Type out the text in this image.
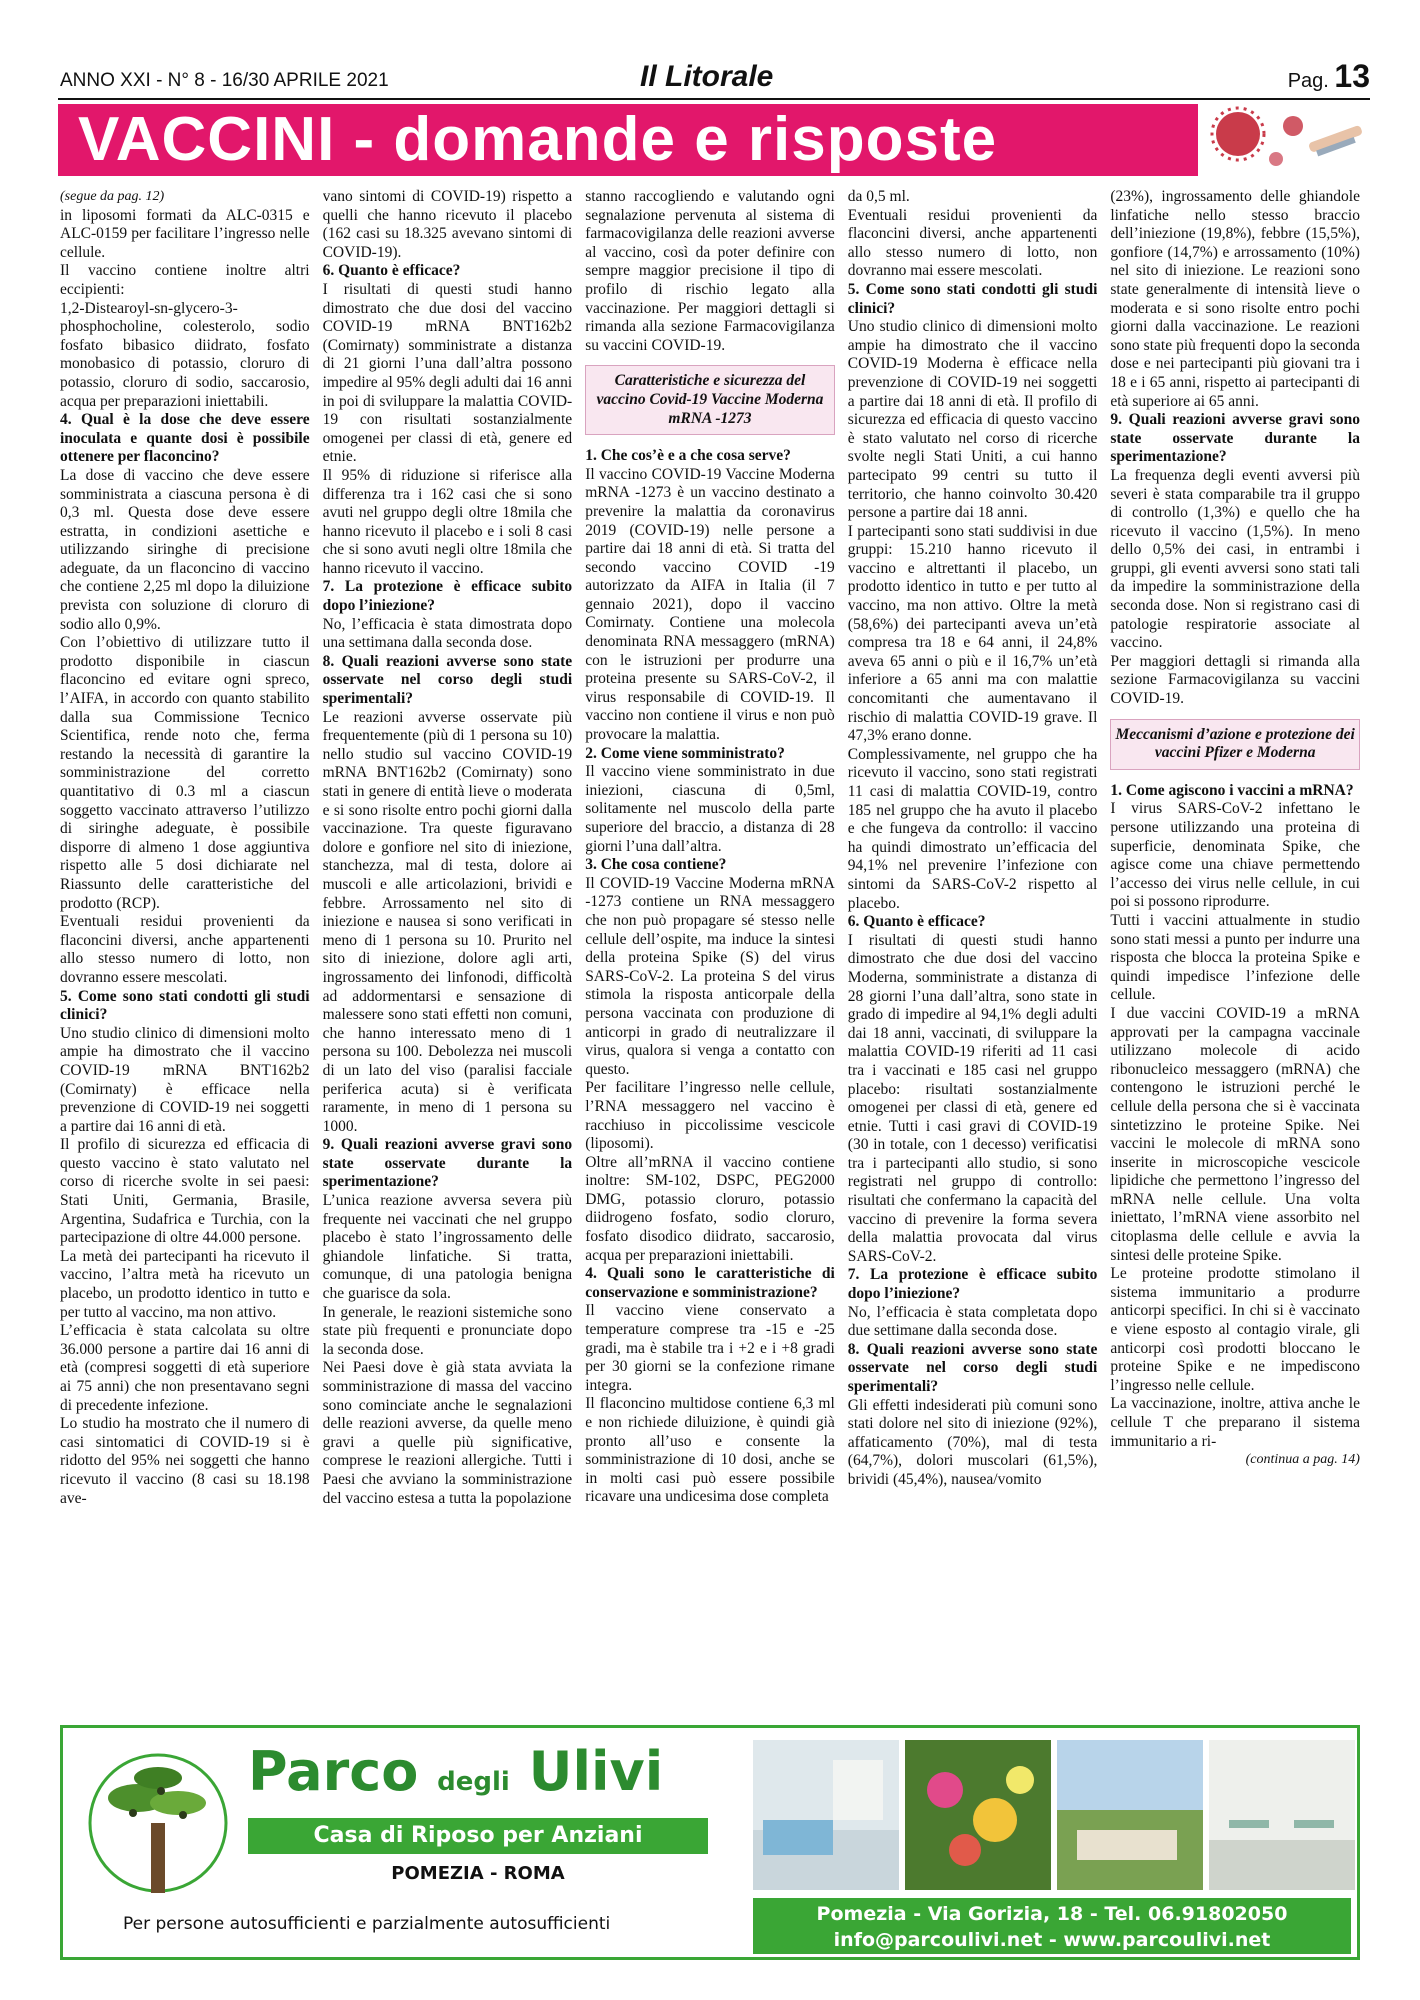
ANNO XXI - N° 8 - 16/30 APRILE 2021	Il Litorale	Pag. 13
VACCINI - domande e risposte

(segue da pag. 12)

in liposomi formati da ALC-0315 e ALC-0159 per facilitare l’ingresso nelle cellule.

Il vaccino contiene inoltre altri eccipienti:

1,2-Distearoyl-sn-glycero-3-phosphocholine, colesterolo, sodio fosfato bibasico diidrato, fosfato monobasico di potassio, cloruro di potassio, cloruro di sodio, saccarosio, acqua per preparazioni iniettabili.

4. Qual è la dose che deve essere inoculata e quante dosi è possibile ottenere per flaconcino?

La dose di vaccino che deve essere somministrata a ciascuna persona è di 0,3 ml. Questa dose deve essere estratta, in condizioni asettiche e utilizzando siringhe di precisione adeguate, da un flaconcino di vaccino che contiene 2,25 ml dopo la diluizione prevista con soluzione di cloruro di sodio allo 0,9%.

Con l’obiettivo di utilizzare tutto il prodotto disponibile in ciascun flaconcino ed evitare ogni spreco, l’AIFA, in accordo con quanto stabilito dalla sua Commissione Tecnico Scientifica, rende noto che, ferma restando la necessità di garantire la somministrazione del corretto quantitativo di 0.3 ml a ciascun soggetto vaccinato attraverso l’utilizzo di siringhe adeguate, è possibile disporre di almeno 1 dose aggiuntiva rispetto alle 5 dosi dichiarate nel Riassunto delle caratteristiche del prodotto (RCP).

Eventuali residui provenienti da flaconcini diversi, anche appartenenti allo stesso numero di lotto, non dovranno essere mescolati.

5. Come sono stati condotti gli studi clinici?

Uno studio clinico di dimensioni molto ampie ha dimostrato che il vaccino COVID-19 mRNA BNT162b2 (Comirnaty) è efficace nella prevenzione di COVID-19 nei soggetti a partire dai 16 anni di età.

Il profilo di sicurezza ed efficacia di questo vaccino è stato valutato nel corso di ricerche svolte in sei paesi: Stati Uniti, Germania, Brasile, Argentina, Sudafrica e Turchia, con la partecipazione di oltre 44.000 persone.

La metà dei partecipanti ha ricevuto il vaccino, l’altra metà ha ricevuto un placebo, un prodotto identico in tutto e per tutto al vaccino, ma non attivo.

L’efficacia è stata calcolata su oltre 36.000 persone a partire dai 16 anni di età (compresi soggetti di età superiore ai 75 anni) che non presentavano segni di precedente infezione.

Lo studio ha mostrato che il numero di casi sintomatici di COVID-19 si è ridotto del 95% nei soggetti che hanno ricevuto il vaccino (8 casi su 18.198 ave-

vano sintomi di COVID-19) rispetto a quelli che hanno ricevuto il placebo (162 casi su 18.325 avevano sintomi di COVID-19).

6. Quanto è efficace?

I risultati di questi studi hanno dimostrato che due dosi del vaccino COVID-19 mRNA BNT162b2 (Comirnaty) somministrate a distanza di 21 giorni l’una dall’altra possono impedire al 95% degli adulti dai 16 anni in poi di sviluppare la malattia COVID-19 con risultati sostanzialmente omogenei per classi di età, genere ed etnie.

Il 95% di riduzione si riferisce alla differenza tra i 162 casi che si sono avuti nel gruppo degli oltre 18mila che hanno ricevuto il placebo e i soli 8 casi che si sono avuti negli oltre 18mila che hanno ricevuto il vaccino.

7. La protezione è efficace subito dopo l’iniezione?

No, l’efficacia è stata dimostrata dopo una settimana dalla seconda dose.

8. Quali reazioni avverse sono state osservate nel corso degli studi sperimentali?

Le reazioni avverse osservate più frequentemente (più di 1 persona su 10) nello studio sul vaccino COVID-19 mRNA BNT162b2 (Comirnaty) sono stati in genere di entità lieve o moderata e si sono risolte entro pochi giorni dalla vaccinazione. Tra queste figuravano dolore e gonfiore nel sito di iniezione, stanchezza, mal di testa, dolore ai muscoli e alle articolazioni, brividi e febbre. Arrossamento nel sito di iniezione e nausea si sono verificati in meno di 1 persona su 10. Prurito nel sito di iniezione, dolore agli arti, ingrossamento dei linfonodi, difficoltà ad addormentarsi e sensazione di malessere sono stati effetti non comuni, che hanno interessato meno di 1 persona su 100. Debolezza nei muscoli di un lato del viso (paralisi facciale periferica acuta) si è verificata raramente, in meno di 1 persona su 1000.

9. Quali reazioni avverse gravi sono state osservate durante la sperimentazione?

L’unica reazione avversa severa più frequente nei vaccinati che nel gruppo placebo è stato l’ingrossamento delle ghiandole linfatiche. Si tratta, comunque, di una patologia benigna che guarisce da sola.

In generale, le reazioni sistemiche sono state più frequenti e pronunciate dopo la seconda dose.

Nei Paesi dove è già stata avviata la somministrazione di massa del vaccino sono cominciate anche le segnalazioni delle reazioni avverse, da quelle meno gravi a quelle più significative, comprese le reazioni allergiche. Tutti i Paesi che avviano la somministrazione del vaccino estesa a tutta la popolazione

stanno raccogliendo e valutando ogni segnalazione pervenuta al sistema di farmacovigilanza delle reazioni avverse al vaccino, così da poter definire con sempre maggior precisione il tipo di profilo di rischio legato alla vaccinazione. Per maggiori dettagli si rimanda alla sezione Farmacovigilanza su vaccini COVID-19.

Caratteristiche e sicurezza del vaccino Covid-19 Vaccine Moderna mRNA -1273
1. Che cos’è e a che cosa serve?

Il vaccino COVID-19 Vaccine Moderna mRNA -1273 è un vaccino destinato a prevenire la malattia da coronavirus 2019 (COVID-19) nelle persone a partire dai 18 anni di età. Si tratta del secondo vaccino COVID -19 autorizzato da AIFA in Italia (il 7 gennaio 2021), dopo il vaccino Comirnaty. Contiene una molecola denominata RNA messaggero (mRNA) con le istruzioni per produrre una proteina presente su SARS-CoV-2, il virus responsabile di COVID-19. Il vaccino non contiene il virus e non può provocare la malattia.

2. Come viene somministrato?

Il vaccino viene somministrato in due iniezioni, ciascuna di 0,5ml, solitamente nel muscolo della parte superiore del braccio, a distanza di 28 giorni l’una dall’altra.

3. Che cosa contiene?

Il COVID-19 Vaccine Moderna mRNA -1273 contiene un RNA messaggero che non può propagare sé stesso nelle cellule dell’ospite, ma induce la sintesi della proteina Spike (S) del virus SARS-CoV-2. La proteina S del virus stimola la risposta anticorpale della persona vaccinata con produzione di anticorpi in grado di neutralizzare il virus, qualora si venga a contatto con questo.

Per facilitare l’ingresso nelle cellule, l’RNA messaggero nel vaccino è racchiuso in piccolissime vescicole (liposomi).

Oltre all’mRNA il vaccino contiene inoltre: SM-102, DSPC, PEG2000 DMG, potassio cloruro, potassio diidrogeno fosfato, sodio cloruro, fosfato disodico diidrato, saccarosio, acqua per preparazioni iniettabili.

4. Quali sono le caratteristiche di conservazione e somministrazione?

Il vaccino viene conservato a temperature comprese tra -15 e -25 gradi, ma è stabile tra i +2 e i +8 gradi per 30 giorni se la confezione rimane integra.

Il flaconcino multidose contiene 6,3 ml e non richiede diluizione, è quindi già pronto all’uso e consente la somministrazione di 10 dosi, anche se in molti casi può essere possibile ricavare una undicesima dose completa

da 0,5 ml.

Eventuali residui provenienti da flaconcini diversi, anche appartenenti allo stesso numero di lotto, non dovranno mai essere mescolati.

5. Come sono stati condotti gli studi clinici?

Uno studio clinico di dimensioni molto ampie ha dimostrato che il vaccino COVID-19 Moderna è efficace nella prevenzione di COVID-19 nei soggetti a partire dai 18 anni di età. Il profilo di sicurezza ed efficacia di questo vaccino è stato valutato nel corso di ricerche svolte negli Stati Uniti, a cui hanno partecipato 99 centri su tutto il territorio, che hanno coinvolto 30.420 persone a partire dai 18 anni.

I partecipanti sono stati suddivisi in due gruppi: 15.210 hanno ricevuto il vaccino e altrettanti il placebo, un prodotto identico in tutto e per tutto al vaccino, ma non attivo. Oltre la metà (58,6%) dei partecipanti aveva un’età compresa tra 18 e 64 anni, il 24,8% aveva 65 anni o più e il 16,7% un’età inferiore a 65 anni ma con malattie concomitanti che aumentavano il rischio di malattia COVID-19 grave. Il 47,3% erano donne.

Complessivamente, nel gruppo che ha ricevuto il vaccino, sono stati registrati 11 casi di malattia COVID-19, contro 185 nel gruppo che ha avuto il placebo e che fungeva da controllo: il vaccino ha quindi dimostrato un’efficacia del 94,1% nel prevenire l’infezione con sintomi da SARS-CoV-2 rispetto al placebo.

6. Quanto è efficace?

I risultati di questi studi hanno dimostrato che due dosi del vaccino Moderna, somministrate a distanza di 28 giorni l’una dall’altra, sono state in grado di impedire al 94,1% degli adulti dai 18 anni, vaccinati, di sviluppare la malattia COVID-19 riferiti ad 11 casi tra i vaccinati e 185 casi nel gruppo placebo: risultati sostanzialmente omogenei per classi di età, genere ed etnie. Tutti i casi gravi di COVID-19 (30 in totale, con 1 decesso) verificatisi tra i partecipanti allo studio, si sono registrati nel gruppo di controllo: risultati che confermano la capacità del vaccino di prevenire la forma severa della malattia provocata dal virus SARS-CoV-2.

7. La protezione è efficace subito dopo l’iniezione?

No, l’efficacia è stata completata dopo due settimane dalla seconda dose.

8. Quali reazioni avverse sono state osservate nel corso degli studi sperimentali?

Gli effetti indesiderati più comuni sono stati dolore nel sito di iniezione (92%), affaticamento (70%), mal di testa (64,7%), dolori muscolari (61,5%), brividi (45,4%), nausea/vomito

(23%), ingrossamento delle ghiandole linfatiche nello stesso braccio dell’iniezione (19,8%), febbre (15,5%), gonfiore (14,7%) e arrossamento (10%) nel sito di iniezione. Le reazioni sono state generalmente di intensità lieve o moderata e si sono risolte entro pochi giorni dalla vaccinazione. Le reazioni sono state più frequenti dopo la seconda dose e nei partecipanti più giovani tra i 18 e i 65 anni, rispetto ai partecipanti di età superiore ai 65 anni.

9. Quali reazioni avverse gravi sono state osservate durante la sperimentazione?

La frequenza degli eventi avversi più severi è stata comparabile tra il gruppo di controllo (1,3%) e quello che ha ricevuto il vaccino (1,5%). In meno dello 0,5% dei casi, in entrambi i gruppi, gli eventi avversi sono stati tali da impedire la somministrazione della seconda dose. Non si registrano casi di patologie respiratorie associate al vaccino.

Per maggiori dettagli si rimanda alla sezione Farmacovigilanza su vaccini COVID-19.

Meccanismi d’azione e protezione dei vaccini Pfizer e Moderna
1. Come agiscono i vaccini a mRNA?

I virus SARS-CoV-2 infettano le persone utilizzando una proteina di superficie, denominata Spike, che agisce come una chiave permettendo l’accesso dei virus nelle cellule, in cui poi si possono riprodurre.

Tutti i vaccini attualmente in studio sono stati messi a punto per indurre una risposta che blocca la proteina Spike e quindi impedisce l’infezione delle cellule.

I due vaccini COVID-19 a mRNA approvati per la campagna vaccinale utilizzano molecole di acido ribonucleico messaggero (mRNA) che contengono le istruzioni perché le cellule della persona che si è vaccinata sintetizzino le proteine Spike. Nei vaccini le molecole di mRNA sono inserite in microscopiche vescicole lipidiche che permettono l’ingresso del mRNA nelle cellule. Una volta iniettato, l’mRNA viene assorbito nel citoplasma delle cellule e avvia la sintesi delle proteine Spike.

Le proteine prodotte stimolano il sistema immunitario a produrre anticorpi specifici. In chi si è vaccinato e viene esposto al contagio virale, gli anticorpi così prodotti bloccano le proteine Spike e ne impediscono l’ingresso nelle cellule.

La vaccinazione, inoltre, attiva anche le cellule T che preparano il sistema immunitario a ri-

(continua a pag. 14)

Parco degli Ulivi
Casa di Riposo per Anziani
POMEZIA - ROMA
Per persone autosufficienti e parzialmente autosufficienti	Pomezia - Via Gorizia, 18 - Tel. 06.91802050
info@parcoulivi.net - www.parcoulivi.net
